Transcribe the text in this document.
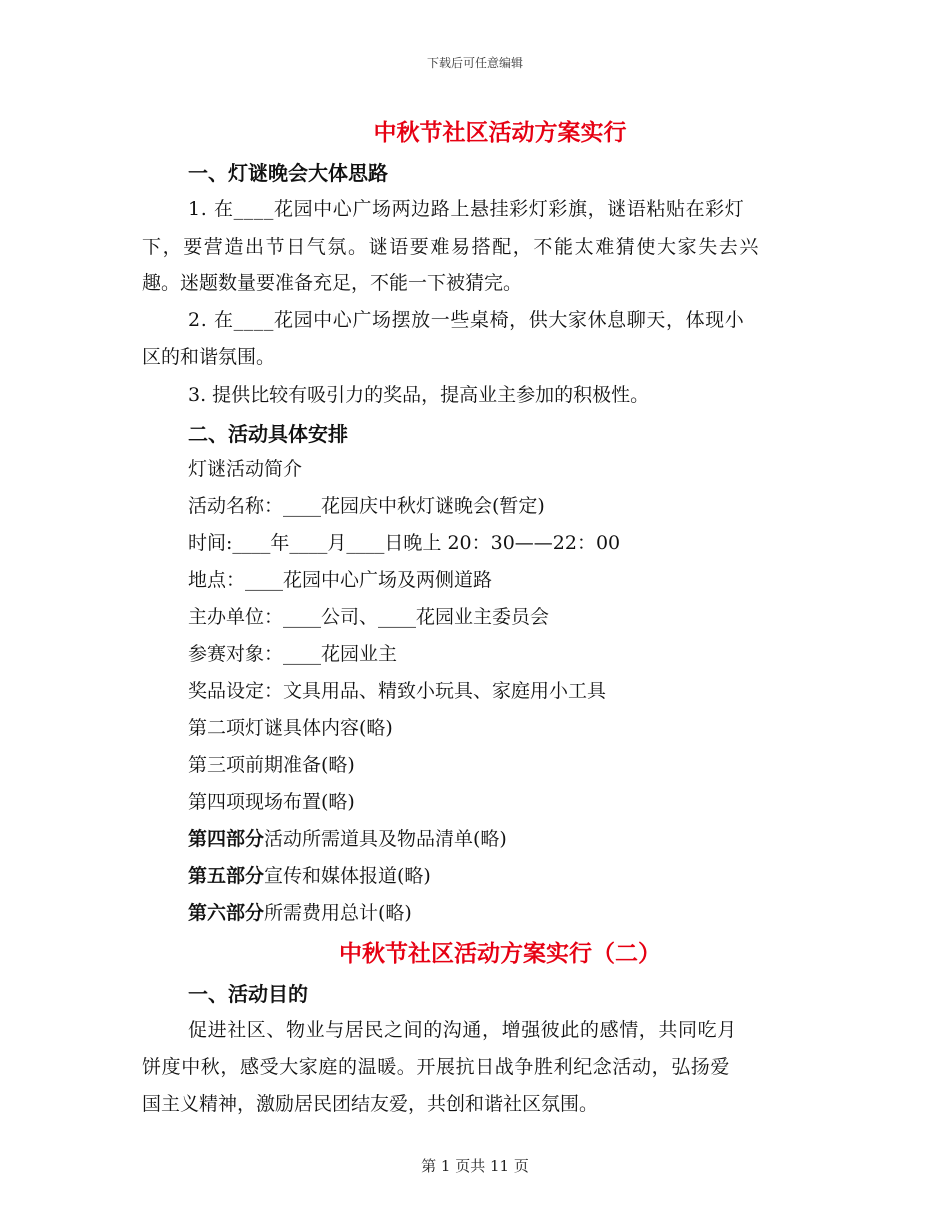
下载后可任意编辑
中秋节社区活动方案实行
一、灯谜晚会大体思路
1. 在____花园中心广场两边路上悬挂彩灯彩旗，谜语粘贴在彩灯
下，要营造出节日气氛。谜语要难易搭配，不能太难猜使大家失去兴
趣。迷题数量要准备充足，不能一下被猜完。
2. 在____花园中心广场摆放一些桌椅，供大家休息聊天，体现小
区的和谐氛围。
3. 提供比较有吸引力的奖品，提高业主参加的积极性。
二、活动具体安排
灯谜活动简介
活动名称：____花园庆中秋灯谜晚会(暂定)
时间:____年____月____日晚上 20：30——22：00
地点：____花园中心广场及两侧道路
主办单位：____公司、____花园业主委员会
参赛对象：____花园业主
奖品设定：文具用品、精致小玩具、家庭用小工具
第二项灯谜具体内容(略)
第三项前期准备(略)
第四项现场布置(略)
第四部分活动所需道具及物品清单(略)
第五部分宣传和媒体报道(略)
第六部分所需费用总计(略)
中秋节社区活动方案实行（二）
一、活动目的
促进社区、物业与居民之间的沟通，增强彼此的感情，共同吃月
饼度中秋，感受大家庭的温暖。开展抗日战争胜利纪念活动，弘扬爱
国主义精神，激励居民团结友爱，共创和谐社区氛围。
第 1 页共 11 页
